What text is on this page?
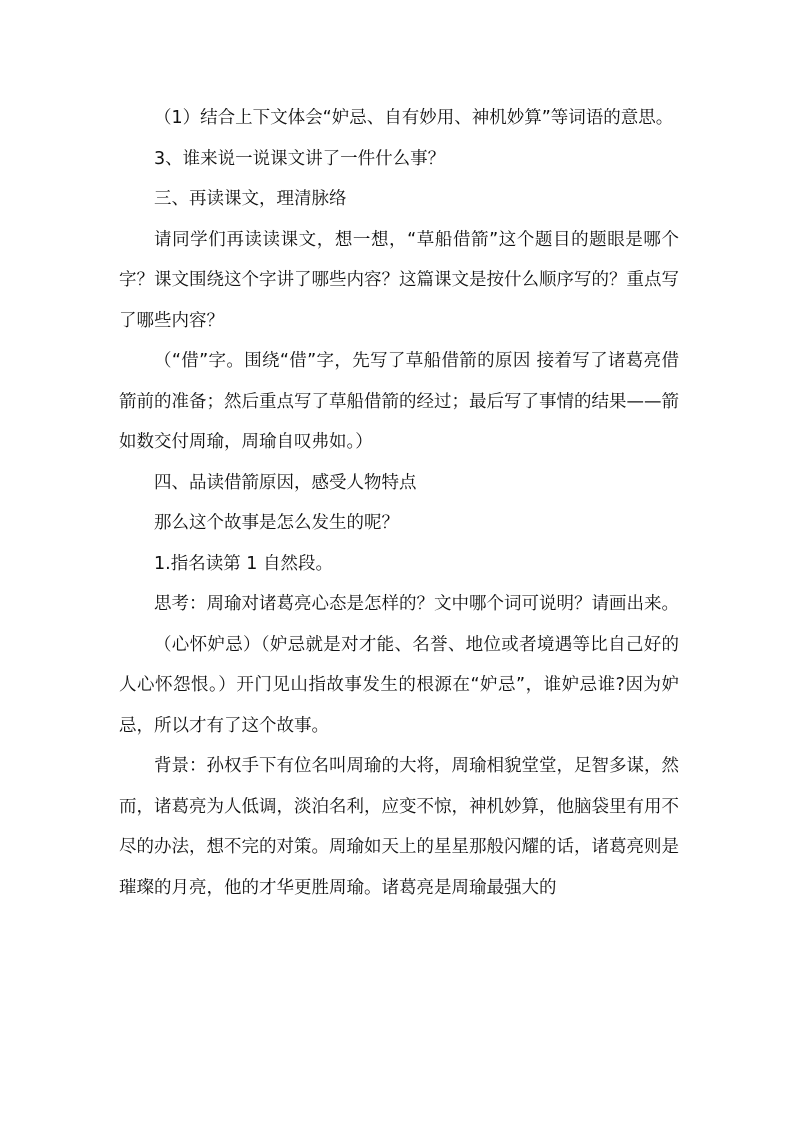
（1）结合上下文体会“妒忌、自有妙用、神机妙算”等词语的意思。

3、谁来说一说课文讲了一件什么事？

三、再读课文，理清脉络

请同学们再读读课文，想一想，“草船借箭”这个题目的题眼是哪个字？课文围绕这个字讲了哪些内容？这篇课文是按什么顺序写的？重点写了哪些内容？

（“借”字。围绕“借”字，先写了草船借箭的原因 接着写了诸葛亮借箭前的准备；然后重点写了草船借箭的经过；最后写了事情的结果——箭如数交付周瑜，周瑜自叹弗如。）

四、品读借箭原因，感受人物特点

那么这个故事是怎么发生的呢？

1.指名读第 1 自然段。

思考：周瑜对诸葛亮心态是怎样的？文中哪个词可说明？请画出来。

（心怀妒忌）（妒忌就是对才能、名誉、地位或者境遇等比自己好的人心怀怨恨。）开门见山指故事发生的根源在“妒忌”，谁妒忌谁?因为妒忌，所以才有了这个故事。

背景：孙权手下有位名叫周瑜的大将，周瑜相貌堂堂，足智多谋，然而，诸葛亮为人低调，淡泊名利，应变不惊，神机妙算，他脑袋里有用不尽的办法，想不完的对策。周瑜如天上的星星那般闪耀的话，诸葛亮则是璀璨的月亮，他的才华更胜周瑜。诸葛亮是周瑜最强大的
